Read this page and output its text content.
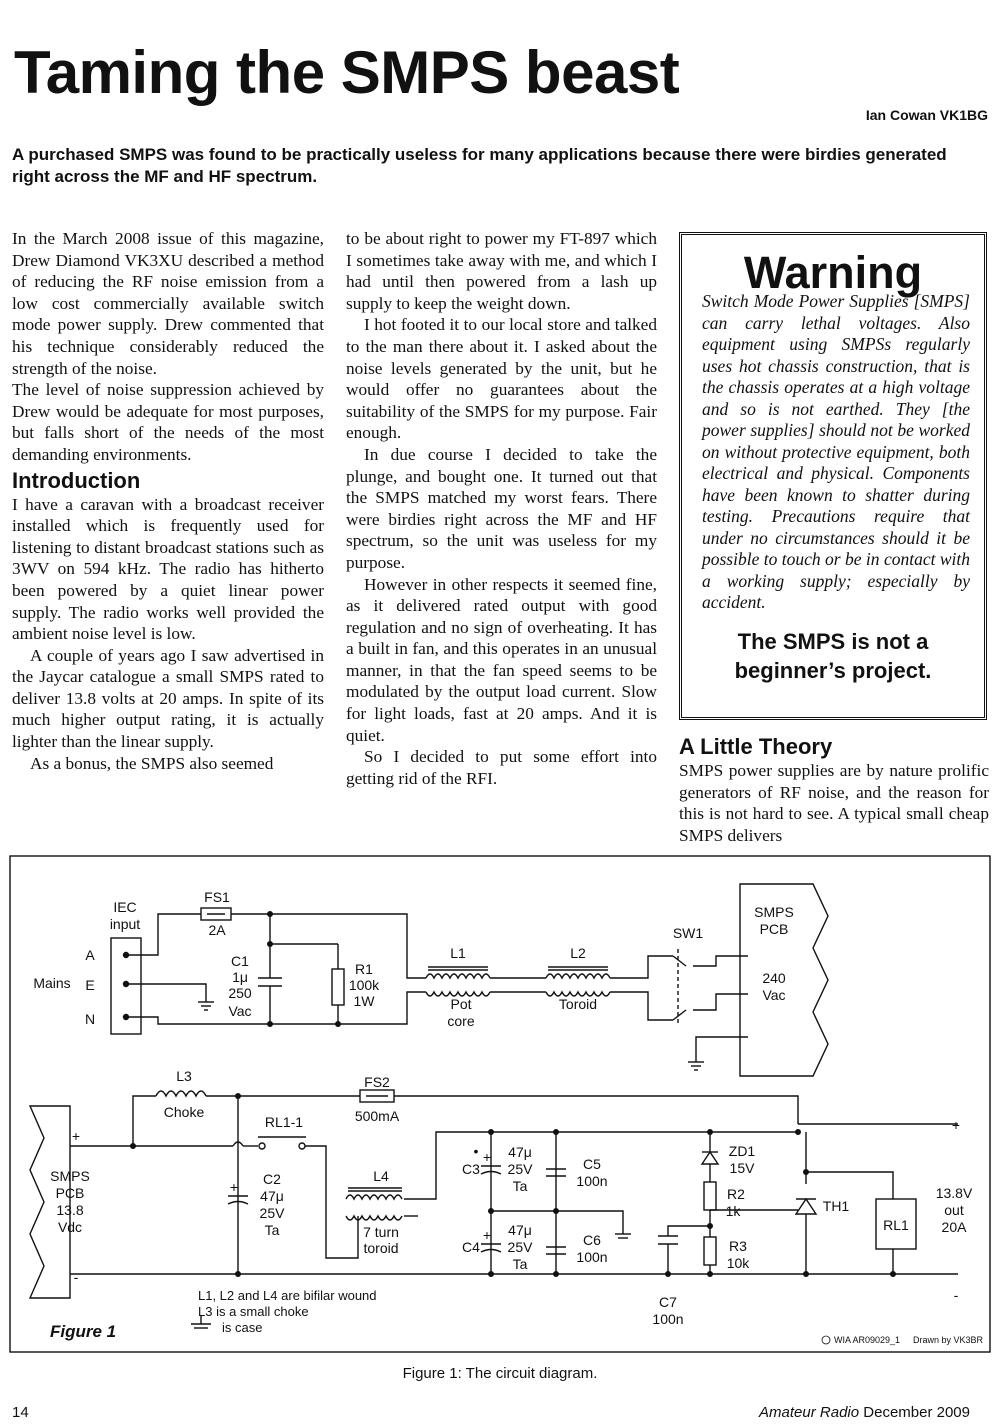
Taming the SMPS beast
Ian Cowan VK1BG
A purchased SMPS was found to be practically useless for many applications because there were birdies generated right across the MF and HF spectrum.

In the March 2008 issue of this magazine, Drew Diamond VK3XU described a method of reducing the RF noise emission from a low cost commercially available switch mode power supply. Drew commented that his technique considerably reduced the strength of the noise.

The level of noise suppression achieved by Drew would be adequate for most purposes, but falls short of the needs of the most demanding environments.

Introduction

I have a caravan with a broadcast receiver installed which is frequently used for listening to distant broadcast stations such as 3WV on 594 kHz. The radio has hitherto been powered by a quiet linear power supply. The radio works well provided the ambient noise level is low.

A couple of years ago I saw advertised in the Jaycar catalogue a small SMPS rated to deliver 13.8 volts at 20 amps. In spite of its much higher output rating, it is actually lighter than the linear supply.

As a bonus, the SMPS also seemed

to be about right to power my FT-897 which I sometimes take away with me, and which I had until then powered from a lash up supply to keep the weight down.

I hot footed it to our local store and talked to the man there about it. I asked about the noise levels generated by the unit, but he would offer no guarantees about the suitability of the SMPS for my purpose. Fair enough.

In due course I decided to take the plunge, and bought one. It turned out that the SMPS matched my worst fears. There were birdies right across the MF and HF spectrum, so the unit was useless for my purpose.

However in other respects it seemed fine, as it delivered rated output with good regulation and no sign of overheating. It has a built in fan, and this operates in an unusual manner, in that the fan speed seems to be modulated by the output load current. Slow for light loads, fast at 20 amps. And it is quiet.

So I decided to put some effort into getting rid of the RFI.

Warning
Switch Mode Power Supplies [SMPS] can carry lethal voltages. Also equipment using SMPSs regularly uses hot chassis construction, that is the chassis operates at a high voltage and so is not earthed. They [the power supplies] should not be worked on without protective equipment, both electrical and physical. Components have been known to shatter during testing. Precautions require that under no circumstances should it be possible to touch or be in contact with a working supply; especially by accident.
The SMPS is not a
beginner’s project.
A Little Theory

SMPS power supplies are by nature prolific generators of RF noise, and the reason for this is not hard to see. A typical small cheap SMPS delivers

IEC
input
A
E
N
Mains
FS1
2A
C1
1μ
250
Vac
R1
100k
1W
L1
Pot
core
L2
Toroid
SW1
SMPS
PCB
240
Vac
L3
Choke
FS2
500mA
+
-
SMPS
PCB
13.8
Vdc
RL1-1
C2
47μ
25V
Ta
+
L4
7 turn
toroid
C3
• + 47μ
25V
Ta
C4
+ 47μ
25V
Ta
C5
100n
C6
100n
C7
100n
ZD1
15V
R2
1k
R3
10k
TH1
RL1
13.8V
out
20A
+
-
L1, L2 and L4 are bifilar wound
L3 is a small choke
is case
Figure 1	WIA AR09029_1 Drawn by VK3BR
Figure 1: The circuit diagram.
14	Amateur Radio December 2009
